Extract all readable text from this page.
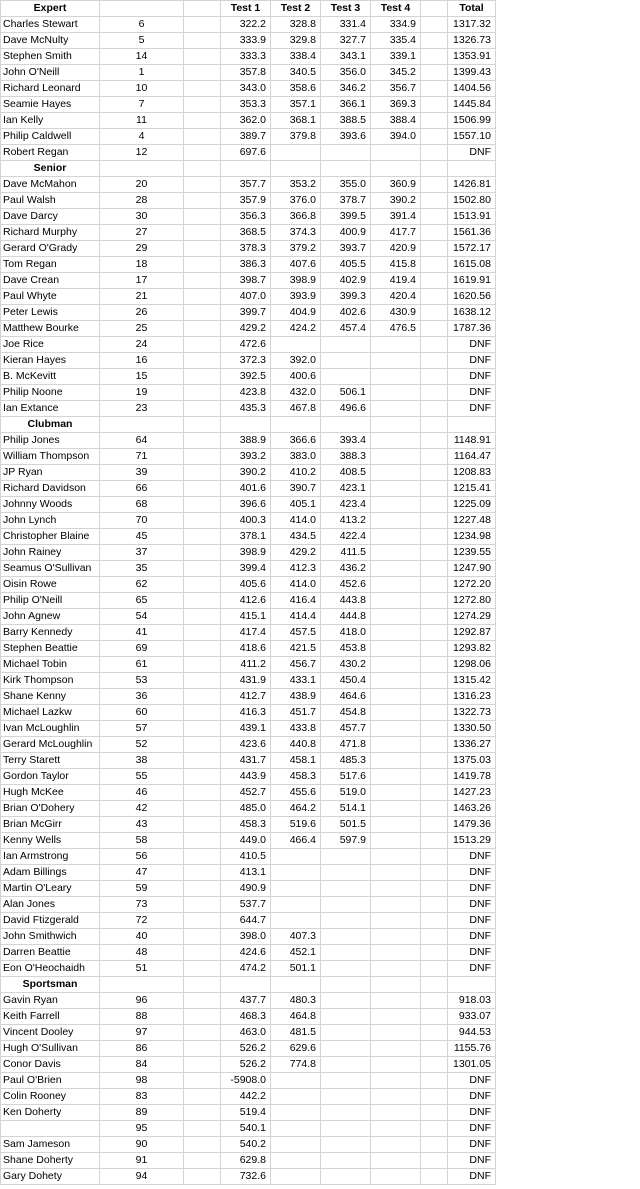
Expert			Test 1	Test 2	Test 3	Test 4		Total
Charles Stewart	6		322.2	328.8	331.4	334.9		1317.32
Dave McNulty	5		333.9	329.8	327.7	335.4		1326.73
Stephen Smith	14		333.3	338.4	343.1	339.1		1353.91
John O'Neill	1		357.8	340.5	356.0	345.2		1399.43
Richard Leonard	10		343.0	358.6	346.2	356.7		1404.56
Seamie Hayes	7		353.3	357.1	366.1	369.3		1445.84
Ian Kelly	11		362.0	368.1	388.5	388.4		1506.99
Philip Caldwell	4		389.7	379.8	393.6	394.0		1557.10
Robert Regan	12		697.6					DNF
Senior								
Dave McMahon	20		357.7	353.2	355.0	360.9		1426.81
Paul Walsh	28		357.9	376.0	378.7	390.2		1502.80
Dave Darcy	30		356.3	366.8	399.5	391.4		1513.91
Richard Murphy	27		368.5	374.3	400.9	417.7		1561.36
Gerard O'Grady	29		378.3	379.2	393.7	420.9		1572.17
Tom Regan	18		386.3	407.6	405.5	415.8		1615.08
Dave Crean	17		398.7	398.9	402.9	419.4		1619.91
Paul Whyte	21		407.0	393.9	399.3	420.4		1620.56
Peter Lewis	26		399.7	404.9	402.6	430.9		1638.12
Matthew Bourke	25		429.2	424.2	457.4	476.5		1787.36
Joe Rice	24		472.6					DNF
Kieran Hayes	16		372.3	392.0				DNF
B. McKevitt	15		392.5	400.6				DNF
Philip Noone	19		423.8	432.0	506.1			DNF
Ian Extance	23		435.3	467.8	496.6			DNF
Clubman								
Philip Jones	64		388.9	366.6	393.4			1148.91
William Thompson	71		393.2	383.0	388.3			1164.47
JP Ryan	39		390.2	410.2	408.5			1208.83
Richard Davidson	66		401.6	390.7	423.1			1215.41
Johnny Woods	68		396.6	405.1	423.4			1225.09
John Lynch	70		400.3	414.0	413.2			1227.48
Christopher Blaine	45		378.1	434.5	422.4			1234.98
John Rainey	37		398.9	429.2	411.5			1239.55
Seamus O'Sullivan	35		399.4	412.3	436.2			1247.90
Oisin Rowe	62		405.6	414.0	452.6			1272.20
Philip O'Neill	65		412.6	416.4	443.8			1272.80
John Agnew	54		415.1	414.4	444.8			1274.29
Barry Kennedy	41		417.4	457.5	418.0			1292.87
Stephen Beattie	69		418.6	421.5	453.8			1293.82
Michael Tobin	61		411.2	456.7	430.2			1298.06
Kirk Thompson	53		431.9	433.1	450.4			1315.42
Shane Kenny	36		412.7	438.9	464.6			1316.23
Michael Lazkw	60		416.3	451.7	454.8			1322.73
Ivan McLoughlin	57		439.1	433.8	457.7			1330.50
Gerard McLoughlin	52		423.6	440.8	471.8			1336.27
Terry Starett	38		431.7	458.1	485.3			1375.03
Gordon Taylor	55		443.9	458.3	517.6			1419.78
Hugh McKee	46		452.7	455.6	519.0			1427.23
Brian O'Dohery	42		485.0	464.2	514.1			1463.26
Brian McGirr	43		458.3	519.6	501.5			1479.36
Kenny Wells	58		449.0	466.4	597.9			1513.29
Ian Armstrong	56		410.5					DNF
Adam Billings	47		413.1					DNF
Martin O'Leary	59		490.9					DNF
Alan Jones	73		537.7					DNF
David Ftizgerald	72		644.7					DNF
John Smithwich	40		398.0	407.3				DNF
Darren Beattie	48		424.6	452.1				DNF
Eon O'Heochaidh	51		474.2	501.1				DNF
Sportsman								
Gavin Ryan	96		437.7	480.3				918.03
Keith Farrell	88		468.3	464.8				933.07
Vincent Dooley	97		463.0	481.5				944.53
Hugh O'Sullivan	86		526.2	629.6				1155.76
Conor Davis	84		526.2	774.8				1301.05
Paul O'Brien	98		-5908.0					DNF
Colin Rooney	83		442.2					DNF
Ken Doherty	89		519.4					DNF
	95		540.1					DNF
Sam Jameson	90		540.2					DNF
Shane Doherty	91		629.8					DNF
Gary Dohety	94		732.6					DNF
